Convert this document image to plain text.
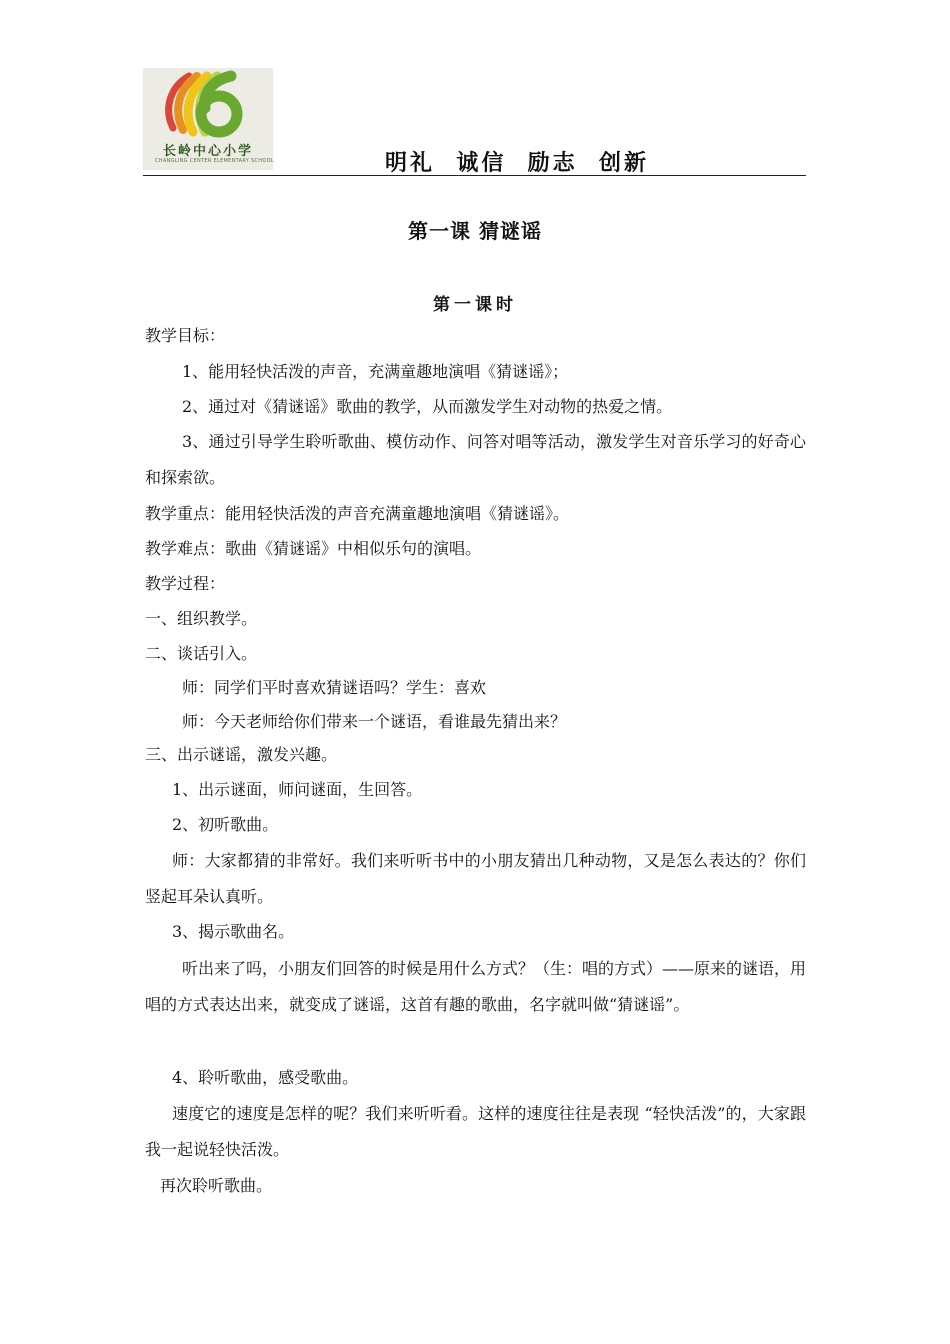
长岭中心小学
CHANGLING CENTER ELEMENTARY SCHOOL	明礼  诚信  励志  创新
第一课 猜谜谣
第一课时
教学目标：
1、能用轻快活泼的声音，充满童趣地演唱《猜谜谣》；
2、通过对《猜谜谣》歌曲的教学，从而激发学生对动物的热爱之情。
3、通过引导学生聆听歌曲、模仿动作、问答对唱等活动，激发学生对音乐学习的好奇心和探索欲。
教学重点：能用轻快活泼的声音充满童趣地演唱《猜谜谣》。
教学难点：歌曲《猜谜谣》中相似乐句的演唱。
教学过程：
一、组织教学。
二、谈话引入。
师：同学们平时喜欢猜谜语吗？学生：喜欢
师：今天老师给你们带来一个谜语，看谁最先猜出来？
三、出示谜谣，激发兴趣。
1、出示谜面，师问谜面，生回答。
2、初听歌曲。
师：大家都猜的非常好。我们来听听书中的小朋友猜出几种动物，又是怎么表达的？你们竖起耳朵认真听。
3、揭示歌曲名。
听出来了吗，小朋友们回答的时候是用什么方式？（生：唱的方式）——原来的谜语，用唱的方式表达出来，就变成了谜谣，这首有趣的歌曲，名字就叫做“猜谜谣”。
4、聆听歌曲，感受歌曲。
速度它的速度是怎样的呢？我们来听听看。这样的速度往往是表现 “轻快活泼”的，大家跟我一起说轻快活泼。
再次聆听歌曲。
